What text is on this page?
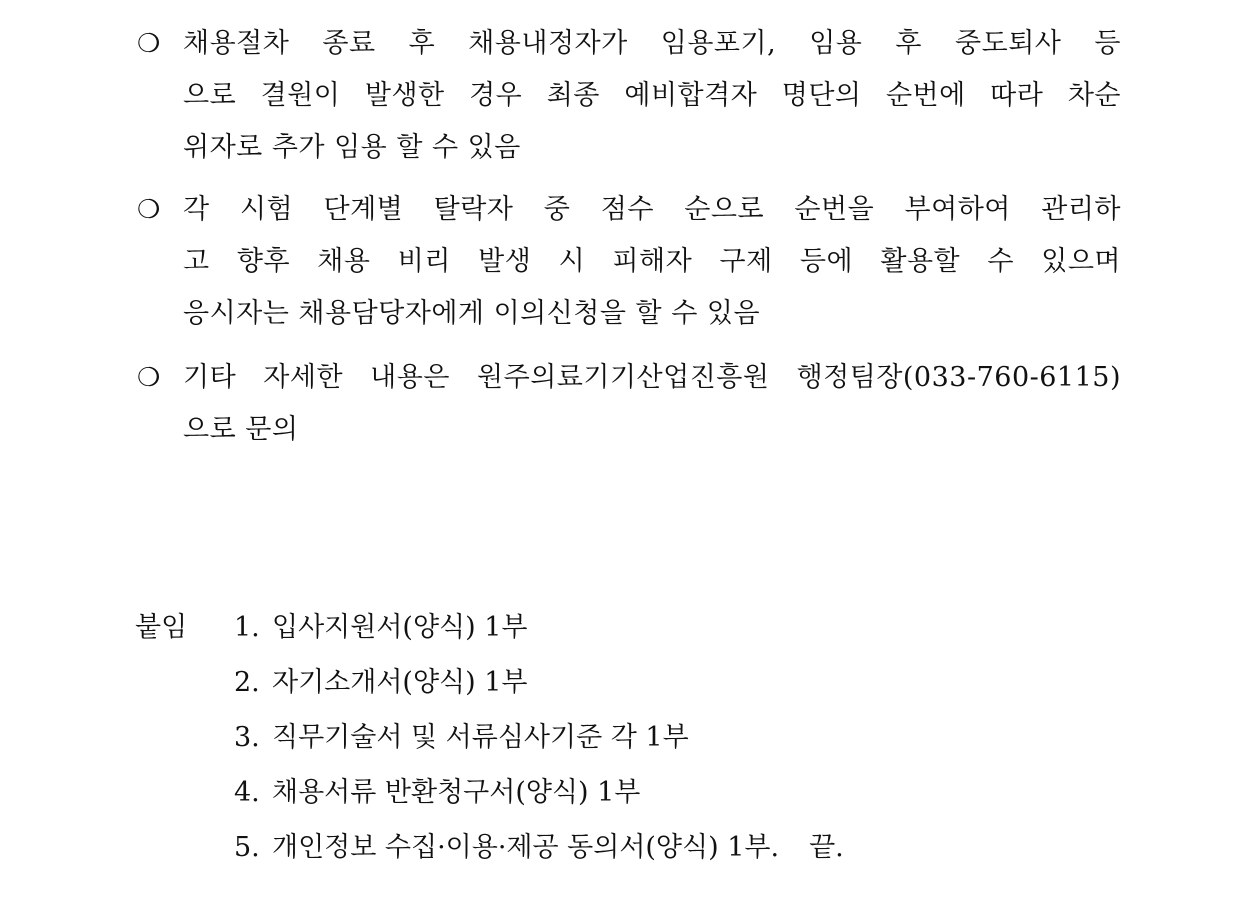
❍ 채용절차 종료 후 채용내정자가 임용포기, 임용 후 중도퇴사 등
으로 결원이 발생한 경우 최종 예비합격자 명단의 순번에 따라 차순
위자로 추가 임용 할 수 있음
❍ 각 시험 단계별 탈락자 중 점수 순으로 순번을 부여하여 관리하
고 향후 채용 비리 발생 시 피해자 구제 등에 활용할 수 있으며
응시자는 채용담당자에게 이의신청을 할 수 있음
❍ 기타 자세한 내용은 원주의료기기산업진흥원 행정팀장(033-760-6115)
으로 문의
붙임 1. 입사지원서(양식) 1부
2. 자기소개서(양식) 1부
3. 직무기술서 및 서류심사기준 각 1부
4. 채용서류 반환청구서(양식) 1부
5. 개인정보 수집·이용·제공 동의서(양식) 1부. 끝.
